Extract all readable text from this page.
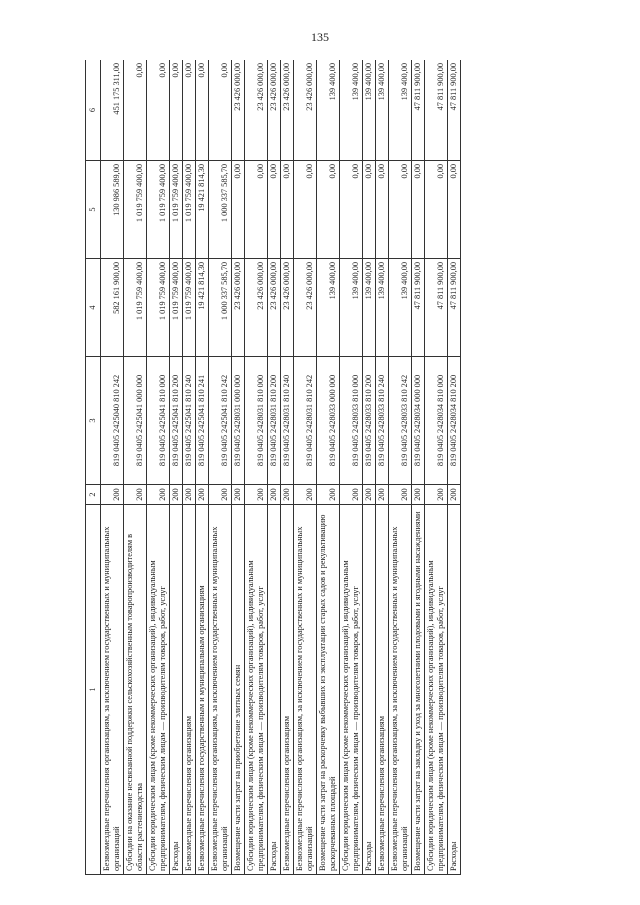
135
1	2	3	4	5	6
Безвозмездные перечисления организациям, за исключением государственных и муниципальных организаций	200	819 0405 2425040 810 242	582 161 900,00	130 986 589,00	451 175 311,00
Субсидии на оказание несвязанной поддержки сельскохозяйственным товаропроизводителям в области растениеводства	200	819 0405 2425041 000 000	1 019 759 400,00	1 019 759 400,00	0,00
Субсидии юридическим лицам (кроме некоммерческих организаций), индивидуальным предпринимателям, физическим лицам — производителям товаров, работ, услуг	200	819 0405 2425041 810 000	1 019 759 400,00	1 019 759 400,00	0,00
Расходы	200	819 0405 2425041 810 200	1 019 759 400,00	1 019 759 400,00	0,00
Безвозмездные перечисления организациям	200	819 0405 2425041 810 240	1 019 759 400,00	1 019 759 400,00	0,00
Безвозмездные перечисления государственным и муниципальным организациям	200	819 0405 2425041 810 241	19 421 814,30	19 421 814,30	0,00
Безвозмездные перечисления организациям, за исключением государственных и муниципальных организаций	200	819 0405 2425041 810 242	1 000 337 585,70	1 000 337 585,70	0,00
Возмещение части затрат на приобретение элитных семян	200	819 0405 2428031 000 000	23 426 000,00	0,00	23 426 000,00
Субсидии юридическим лицам (кроме некоммерческих организаций), индивидуальным предпринимателям, физическим лицам — производителям товаров, работ, услуг	200	819 0405 2428031 810 000	23 426 000,00	0,00	23 426 000,00
Расходы	200	819 0405 2428031 810 200	23 426 000,00	0,00	23 426 000,00
Безвозмездные перечисления организациям	200	819 0405 2428031 810 240	23 426 000,00	0,00	23 426 000,00
Безвозмездные перечисления организациям, за исключением государственных и муниципальных организаций	200	819 0405 2428031 810 242	23 426 000,00	0,00	23 426 000,00
Возмещение части затрат на раскорчевку выбывших из эксплуатации старых садов и рекультивацию раскорчеванных площадей	200	819 0405 2428033 000 000	139 400,00	0,00	139 400,00
Субсидии юридическим лицам (кроме некоммерческих организаций), индивидуальным предпринимателям, физическим лицам — производителям товаров, работ, услуг	200	819 0405 2428033 810 000	139 400,00	0,00	139 400,00
Расходы	200	819 0405 2428033 810 200	139 400,00	0,00	139 400,00
Безвозмездные перечисления организациям	200	819 0405 2428033 810 240	139 400,00	0,00	139 400,00
Безвозмездные перечисления организациям, за исключением государственных и муниципальных организаций	200	819 0405 2428033 810 242	139 400,00	0,00	139 400,00
Возмещение части затрат на закладку и уход за многолетними плодовыми и ягодными насаждениями	200	819 0405 2428034 000 000	47 811 900,00	0,00	47 811 900,00
Субсидии юридическим лицам (кроме некоммерческих организаций), индивидуальным предпринимателям, физическим лицам — производителям товаров, работ, услуг	200	819 0405 2428034 810 000	47 811 900,00	0,00	47 811 900,00
Расходы	200	819 0405 2428034 810 200	47 811 900,00	0,00	47 811 900,00
